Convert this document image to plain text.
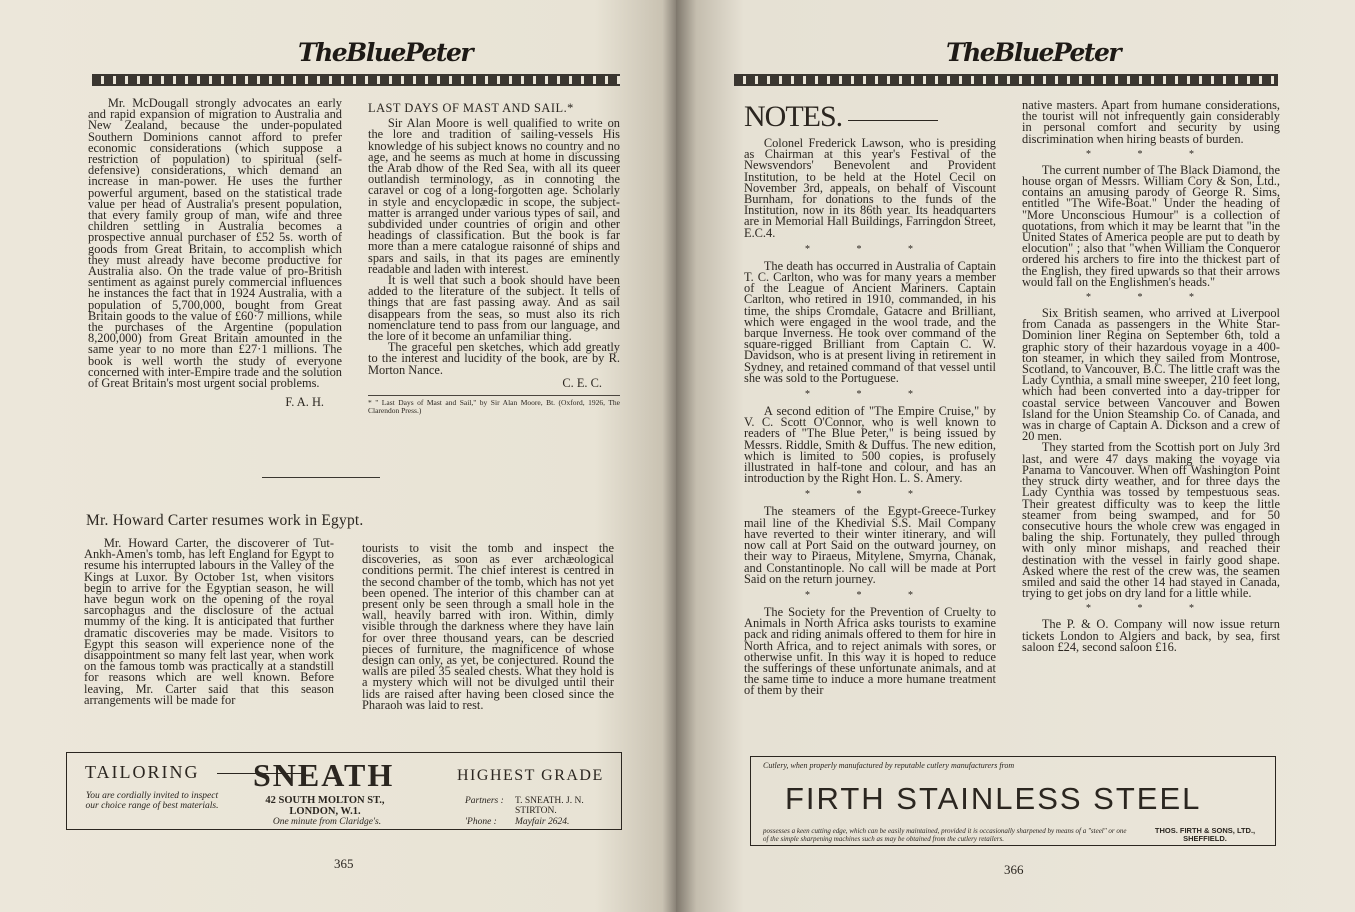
TheBluePeter

Mr. McDougall strongly advocates an early and rapid expansion of migration to Australia and New Zealand, because the under-populated Southern Dominions cannot afford to prefer economic considerations (which suppose a restriction of population) to spiritual (self-defensive) considerations, which demand an increase in man-power. He uses the further powerful argument, based on the statistical trade value per head of Australia's present population, that every family group of man, wife and three children settling in Australia becomes a prospective annual purchaser of £52 5s. worth of goods from Great Britain, to accomplish which they must already have become productive for Australia also. On the trade value of pro-British sentiment as against purely commercial influences he instances the fact that in 1924 Australia, with a population of 5,700,000, bought from Great Britain goods to the value of £60·7 millions, while the purchases of the Argentine (population 8,200,000) from Great Britain amounted in the same year to no more than £27·1 millions. The book is well worth the study of everyone concerned with inter-Empire trade and the solution of Great Britain's most urgent social problems.

F. A. H.
LAST DAYS OF MAST AND SAIL.*

Sir Alan Moore is well qualified to write on the lore and tradition of sailing-vessels His knowledge of his subject knows no country and no age, and he seems as much at home in discussing the Arab dhow of the Red Sea, with all its queer outlandish terminology, as in connoting the caravel or cog of a long-forgotten age. Scholarly in style and encyclopædic in scope, the subject-matter is arranged under various types of sail, and subdivided under countries of origin and other headings of classification. But the book is far more than a mere catalogue raisonné of ships and spars and sails, in that its pages are eminently readable and laden with interest.

It is well that such a book should have been added to the literature of the subject. It tells of things that are fast passing away. And as sail disappears from the seas, so must also its rich nomenclature tend to pass from our language, and the lore of it become an unfamiliar thing.

The graceful pen sketches, which add greatly to the interest and lucidity of the book, are by R. Morton Nance.

C. E. C.
* " Last Days of Mast and Sail," by Sir Alan Moore, Bt. (Oxford, 1926, The Clarendon Press.)
Mr. Howard Carter resumes work in Egypt.

Mr. Howard Carter, the discoverer of Tut-Ankh-Amen's tomb, has left England for Egypt to resume his interrupted labours in the Valley of the Kings at Luxor. By October 1st, when visitors begin to arrive for the Egyptian season, he will have begun work on the opening of the royal sarcophagus and the disclosure of the actual mummy of the king. It is anticipated that further dramatic discoveries may be made. Visitors to Egypt this season will experience none of the disappointment so many felt last year, when work on the famous tomb was practically at a standstill for reasons which are well known. Before leaving, Mr. Carter said that this season arrangements will be made for

tourists to visit the tomb and inspect the discoveries, as soon as ever archæological conditions permit. The chief interest is centred in the second chamber of the tomb, which has not yet been opened. The interior of this chamber can at present only be seen through a small hole in the wall, heavily barred with iron. Within, dimly visible through the darkness where they have lain for over three thousand years, can be descried pieces of furniture, the magnificence of whose design can only, as yet, be conjectured. Round the walls are piled 35 sealed chests. What they hold is a mystery which will not be divulged until their lids are raised after having been closed since the Pharaoh was laid to rest.

TAILORING
You are cordially invited to inspect our choice range of best materials.
SNEATH
42 SOUTH MOLTON ST., LONDON, W.1.
One minute from Claridge's.
HIGHEST GRADE
Partners : T. SNEATH. J. N. STIRTON.
'Phone : Mayfair 2624.
365
TheBluePeter
NOTES.

Colonel Frederick Lawson, who is presiding as Chairman at this year's Festival of the Newsvendors' Benevolent and Provident Institution, to be held at the Hotel Cecil on November 3rd, appeals, on behalf of Viscount Burnham, for donations to the funds of the Institution, now in its 86th year. Its headquarters are in Memorial Hall Buildings, Farringdon Street, E.C.4.

* * *

The death has occurred in Australia of Captain T. C. Carlton, who was for many years a member of the League of Ancient Mariners. Captain Carlton, who retired in 1910, commanded, in his time, the ships Cromdale, Gatacre and Brilliant, which were engaged in the wool trade, and the barque Inverness. He took over command of the square-rigged Brilliant from Captain C. W. Davidson, who is at present living in retirement in Sydney, and retained command of that vessel until she was sold to the Portuguese.

* * *

A second edition of "The Empire Cruise," by V. C. Scott O'Connor, who is well known to readers of "The Blue Peter," is being issued by Messrs. Riddle, Smith & Duffus. The new edition, which is limited to 500 copies, is profusely illustrated in half-tone and colour, and has an introduction by the Right Hon. L. S. Amery.

* * *

The steamers of the Egypt-Greece-Turkey mail line of the Khedivial S.S. Mail Company have reverted to their winter itinerary, and will now call at Port Said on the outward journey, on their way to Piraeus, Mitylene, Smyrna, Chanak, and Constantinople. No call will be made at Port Said on the return journey.

* * *

The Society for the Prevention of Cruelty to Animals in North Africa asks tourists to examine pack and riding animals offered to them for hire in North Africa, and to reject animals with sores, or otherwise unfit. In this way it is hoped to reduce the sufferings of these unfortunate animals, and at the same time to induce a more humane treatment of them by their

native masters. Apart from humane considerations, the tourist will not infrequently gain considerably in personal comfort and security by using discrimination when hiring beasts of burden.

* * *

The current number of The Black Diamond, the house organ of Messrs. William Cory & Son, Ltd., contains an amusing parody of George R. Sims, entitled "The Wife-Boat." Under the heading of "More Unconscious Humour" is a collection of quotations, from which it may be learnt that "in the United States of America people are put to death by elocution" ; also that "when William the Conqueror ordered his archers to fire into the thickest part of the English, they fired upwards so that their arrows would fall on the Englishmen's heads."

* * *

Six British seamen, who arrived at Liverpool from Canada as passengers in the White Star-Dominion liner Regina on September 6th, told a graphic story of their hazardous voyage in a 400-ton steamer, in which they sailed from Montrose, Scotland, to Vancouver, B.C. The little craft was the Lady Cynthia, a small mine sweeper, 210 feet long, which had been converted into a day-tripper for coastal service between Vancouver and Bowen Island for the Union Steamship Co. of Canada, and was in charge of Captain A. Dickson and a crew of 20 men.

They started from the Scottish port on July 3rd last, and were 47 days making the voyage via Panama to Vancouver. When off Washington Point they struck dirty weather, and for three days the Lady Cynthia was tossed by tempestuous seas. Their greatest difficulty was to keep the little steamer from being swamped, and for 50 consecutive hours the whole crew was engaged in baling the ship. Fortunately, they pulled through with only minor mishaps, and reached their destination with the vessel in fairly good shape. Asked where the rest of the crew was, the seamen smiled and said the other 14 had stayed in Canada, trying to get jobs on dry land for a little while.

* * *

The P. & O. Company will now issue return tickets London to Algiers and back, by sea, first saloon £24, second saloon £16.

Cutlery, when properly manufactured by reputable cutlery manufacturers from
FIRTH STAINLESS STEEL
possesses a keen cutting edge, which can be easily maintained, provided it is occasionally sharpened by means of a "steel" or one of the simple sharpening machines such as may be obtained from the cutlery retailers.
THOS. FIRTH & SONS, LTD., SHEFFIELD.
366
